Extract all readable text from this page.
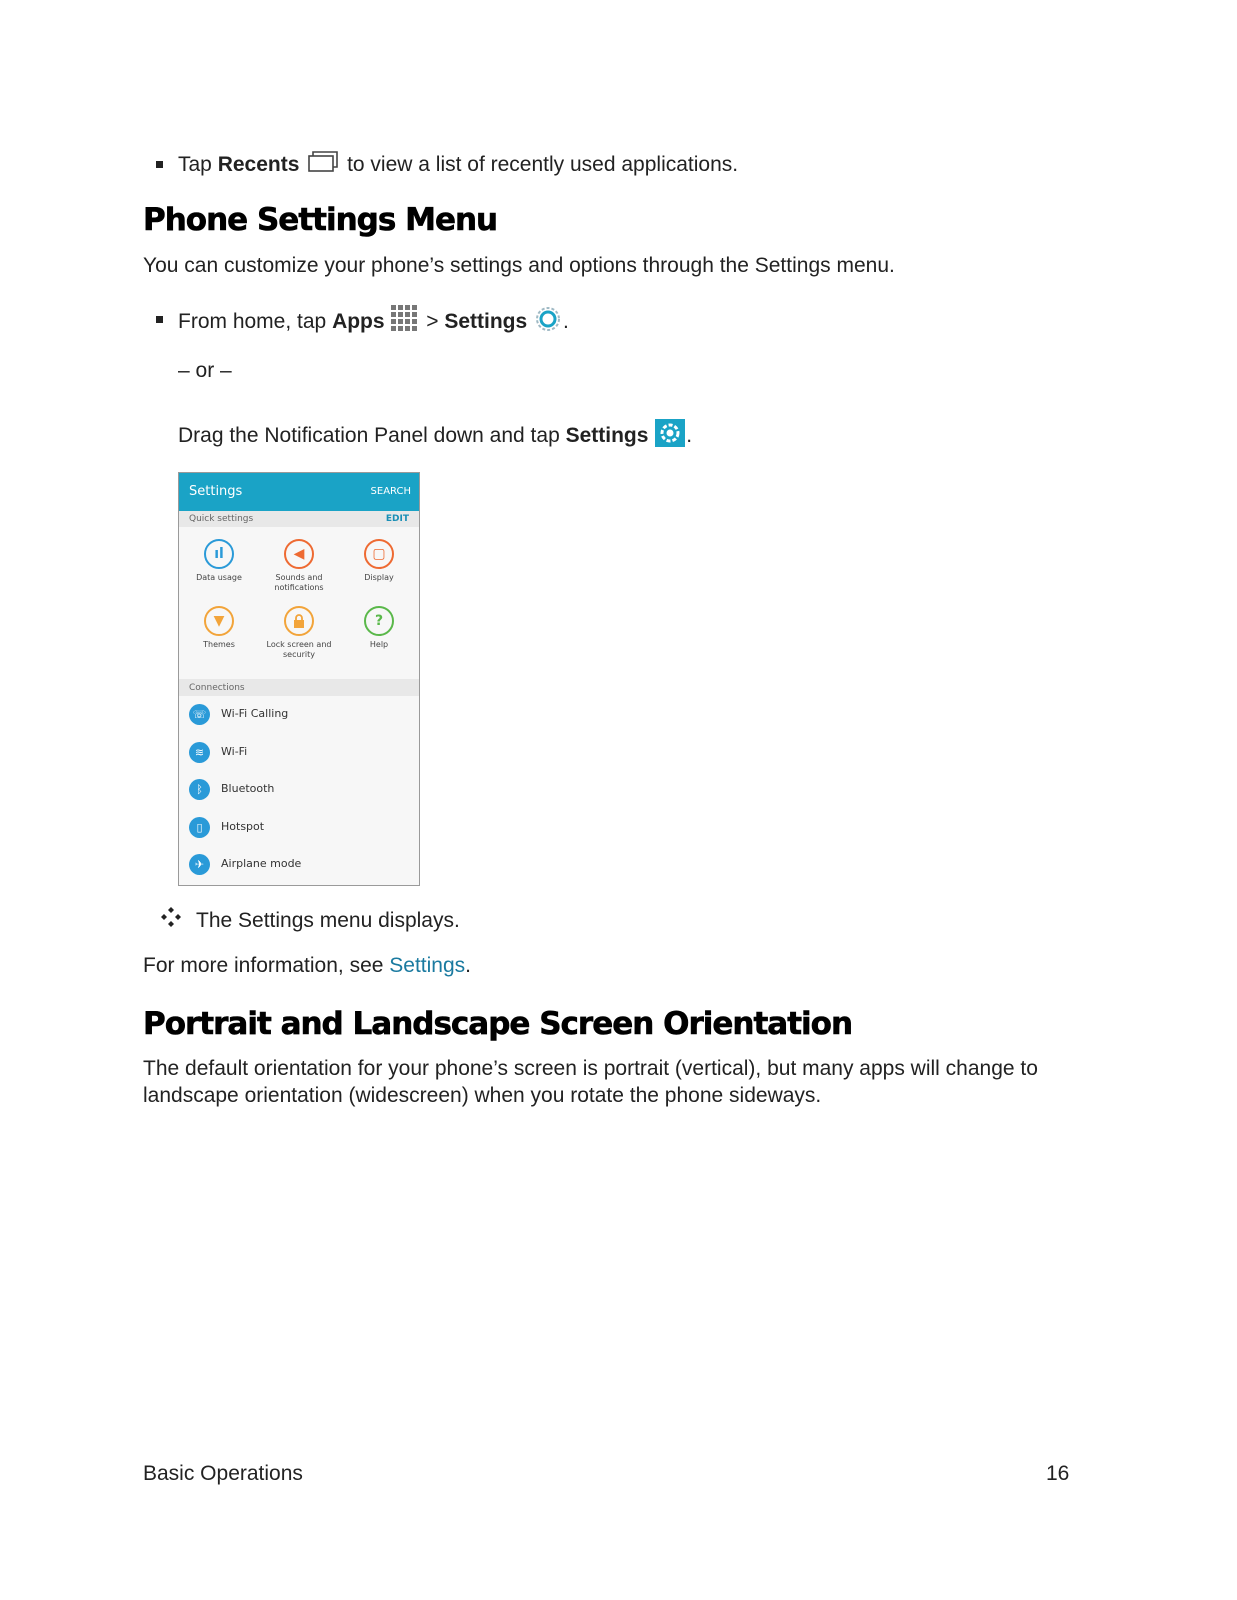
Tap Recents  to view a list of recently used applications.
Phone Settings Menu
You can customize your phone’s settings and options through the Settings menu.
From home, tap Apps  > Settings .
– or –
Drag the Notification Panel down and tap Settings .
Settings	SEARCH
Quick settings	EDIT
ıl
Data usage
◀
Sounds and notifications
▢
Display
▼
Themes	Lock screen and security
?
Help
Connections
☏	Wi-Fi Calling
≋	Wi-Fi
ᛒ	Bluetooth
▯	Hotspot
✈	Airplane mode
The Settings menu displays.
For more information, see Settings.
Portrait and Landscape Screen Orientation
The default orientation for your phone’s screen is portrait (vertical), but many apps will change to
landscape orientation (widescreen) when you rotate the phone sideways.
Basic Operations	16
